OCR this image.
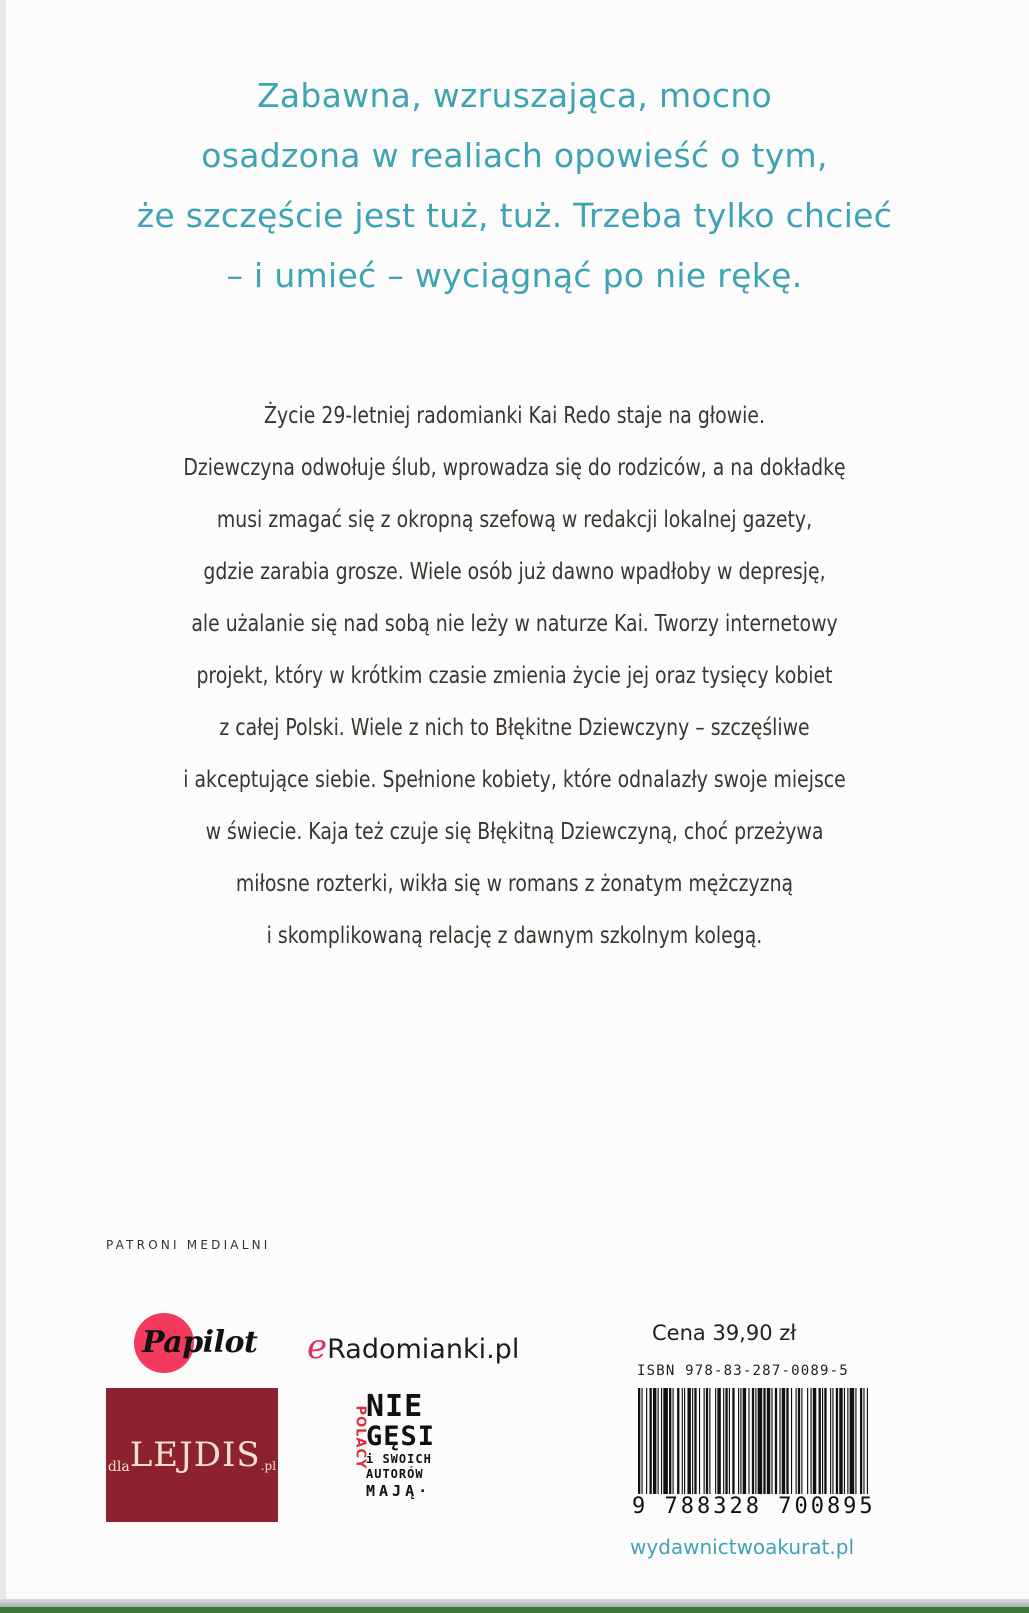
Zabawna, wzruszająca, mocno
osadzona w realiach opowieść o tym,
że szczęście jest tuż, tuż. Trzeba tylko chcieć
– i umieć – wyciągnąć po nie rękę.
Życie 29-letniej radomianki Kai Redo staje na głowie.
Dziewczyna odwołuje ślub, wprowadza się do rodziców, a na dokładkę
musi zmagać się z okropną szefową w redakcji lokalnej gazety,
gdzie zarabia grosze. Wiele osób już dawno wpadłoby w depresję,
ale użalanie się nad sobą nie leży w naturze Kai. Tworzy internetowy
projekt, który w krótkim czasie zmienia życie jej oraz tysięcy kobiet
z całej Polski. Wiele z nich to Błękitne Dziewczyny – szczęśliwe
i akceptujące siebie. Spełnione kobiety, które odnalazły swoje miejsce
w świecie. Kaja też czuje się Błękitną Dziewczyną, choć przeżywa
miłosne rozterki, wikła się w romans z żonatym mężczyzną
i skomplikowaną relację z dawnym szkolnym kolegą.
PATRONI MEDIALNI
Papilot eRadomianki.pl
dla LEJDIS .pl	POLACY
NIE
GĘSI
i SWOICH
AUTORÓW
MAJĄ·
Cena 39,90 zł
ISBN 978-83-287-0089-5
9 788328 700895
wydawnictwoakurat.pl
